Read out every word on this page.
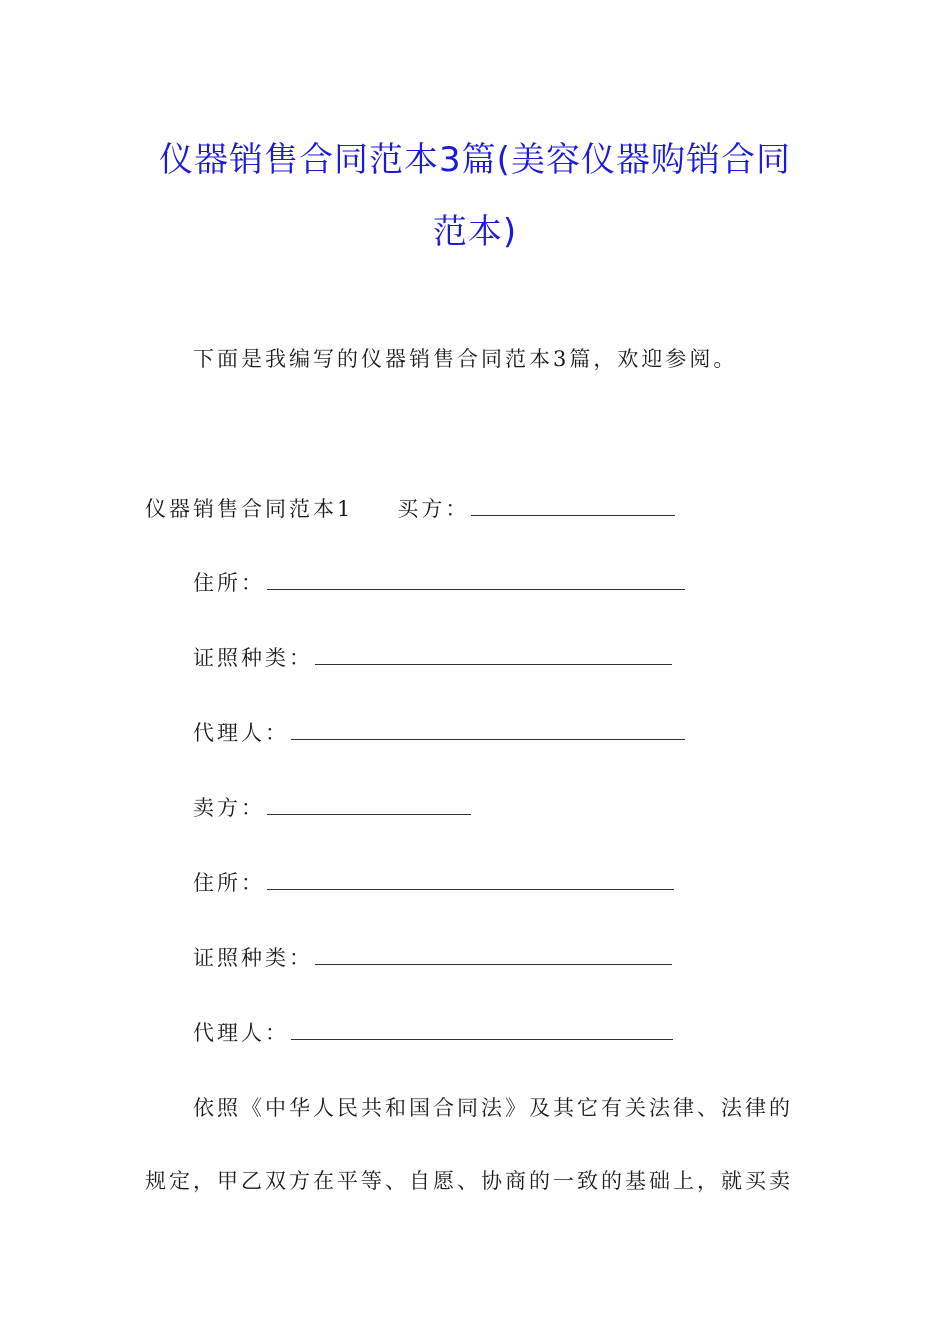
仪器销售合同范本3篇(美容仪器购销合同
范本)
下面是我编写的仪器销售合同范本3篇，欢迎参阅。
仪器销售合同范本1 买方：
住所：
证照种类：
代理人：
卖方：
住所：
证照种类：
代理人：
依照《中华人民共和国合同法》及其它有关法律、法律的
规定，甲乙双方在平等、自愿、协商的一致的基础上，就买卖
